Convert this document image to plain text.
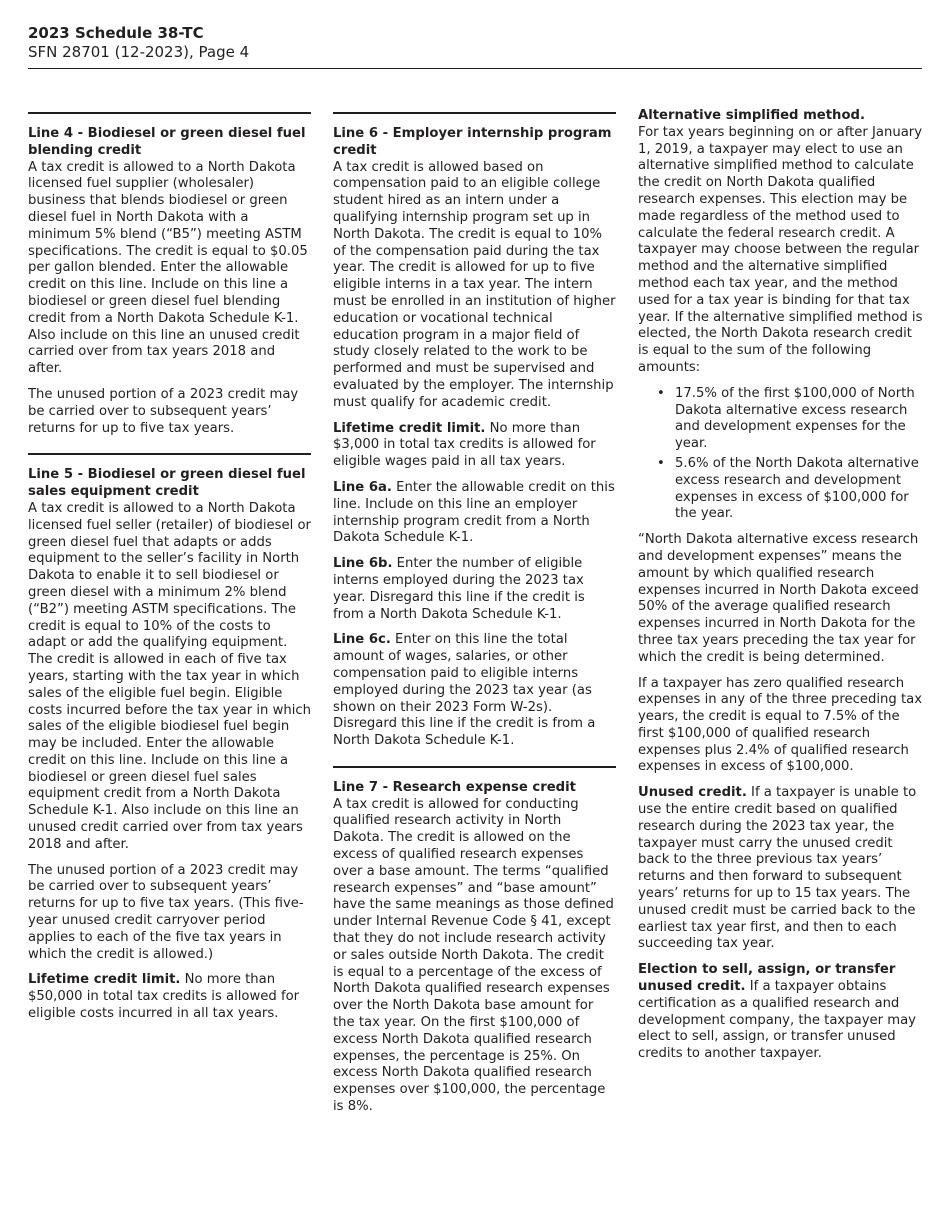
2023 Schedule 38-TC
SFN 28701 (12-2023), Page 4
Line 4 - Biodiesel or green diesel fuel blending credit

A tax credit is allowed to a North Dakota licensed fuel supplier (wholesaler) business that blends biodiesel or green diesel fuel in North Dakota with a minimum 5% blend (“B5”) meeting ASTM specifications. The credit is equal to $0.05 per gallon blended. Enter the allowable credit on this line. Include on this line a biodiesel or green diesel fuel blending credit from a North Dakota Schedule K-1. Also include on this line an unused credit carried over from tax years 2018 and after.

The unused portion of a 2023 credit may be carried over to subsequent years’ returns for up to five tax years.

Line 5 - Biodiesel or green diesel fuel sales equipment credit

A tax credit is allowed to a North Dakota licensed fuel seller (retailer) of biodiesel or green diesel fuel that adapts or adds equipment to the seller’s facility in North Dakota to enable it to sell biodiesel or green diesel with a minimum 2% blend (“B2”) meeting ASTM specifications. The credit is equal to 10% of the costs to adapt or add the qualifying equipment. The credit is allowed in each of five tax years, starting with the tax year in which sales of the eligible fuel begin. Eligible costs incurred before the tax year in which sales of the eligible biodiesel fuel begin may be included. Enter the allowable credit on this line. Include on this line a biodiesel or green diesel fuel sales equipment credit from a North Dakota Schedule K-1. Also include on this line an unused credit carried over from tax years 2018 and after.

The unused portion of a 2023 credit may be carried over to subsequent years’ returns for up to five tax years. (This five-year unused credit carryover period applies to each of the five tax years in which the credit is allowed.)

Lifetime credit limit. No more than $50,000 in total tax credits is allowed for eligible costs incurred in all tax years.

Line 6 - Employer internship program credit

A tax credit is allowed based on compensation paid to an eligible college student hired as an intern under a qualifying internship program set up in North Dakota. The credit is equal to 10% of the compensation paid during the tax year. The credit is allowed for up to five eligible interns in a tax year. The intern must be enrolled in an institution of higher education or vocational technical education program in a major field of study closely related to the work to be performed and must be supervised and evaluated by the employer. The internship must qualify for academic credit.

Lifetime credit limit. No more than $3,000 in total tax credits is allowed for eligible wages paid in all tax years.

Line 6a. Enter the allowable credit on this line. Include on this line an employer internship program credit from a North Dakota Schedule K-1.

Line 6b. Enter the number of eligible interns employed during the 2023 tax year. Disregard this line if the credit is from a North Dakota Schedule K-1.

Line 6c. Enter on this line the total amount of wages, salaries, or other compensation paid to eligible interns employed during the 2023 tax year (as shown on their 2023 Form W-2s). Disregard this line if the credit is from a North Dakota Schedule K-1.

Line 7 - Research expense credit

A tax credit is allowed for conducting qualified research activity in North Dakota. The credit is allowed on the excess of qualified research expenses over a base amount. The terms “qualified research expenses” and “base amount” have the same meanings as those defined under Internal Revenue Code § 41, except that they do not include research activity or sales outside North Dakota. The credit is equal to a percentage of the excess of North Dakota qualified research expenses over the North Dakota base amount for the tax year. On the first $100,000 of excess North Dakota qualified research expenses, the percentage is 25%. On excess North Dakota qualified research expenses over $100,000, the percentage is 8%.

Alternative simplified method.

For tax years beginning on or after January 1, 2019, a taxpayer may elect to use an alternative simplified method to calculate the credit on North Dakota qualified research expenses. This election may be made regardless of the method used to calculate the federal research credit. A taxpayer may choose between the regular method and the alternative simplified method each tax year, and the method used for a tax year is binding for that tax year. If the alternative simplified method is elected, the North Dakota research credit is equal to the sum of the following amounts:

• 17.5% of the first $100,000 of North Dakota alternative excess research and development expenses for the year.
• 5.6% of the North Dakota alternative excess research and development expenses in excess of $100,000 for the year.

“North Dakota alternative excess research and development expenses” means the amount by which qualified research expenses incurred in North Dakota exceed 50% of the average qualified research expenses incurred in North Dakota for the three tax years preceding the tax year for which the credit is being determined.

If a taxpayer has zero qualified research expenses in any of the three preceding tax years, the credit is equal to 7.5% of the first $100,000 of qualified research expenses plus 2.4% of qualified research expenses in excess of $100,000.

Unused credit. If a taxpayer is unable to use the entire credit based on qualified research during the 2023 tax year, the taxpayer must carry the unused credit back to the three previous tax years’ returns and then forward to subsequent years’ returns for up to 15 tax years. The unused credit must be carried back to the earliest tax year first, and then to each succeeding tax year.

Election to sell, assign, or transfer unused credit. If a taxpayer obtains certification as a qualified research and development company, the taxpayer may elect to sell, assign, or transfer unused credits to another taxpayer.
